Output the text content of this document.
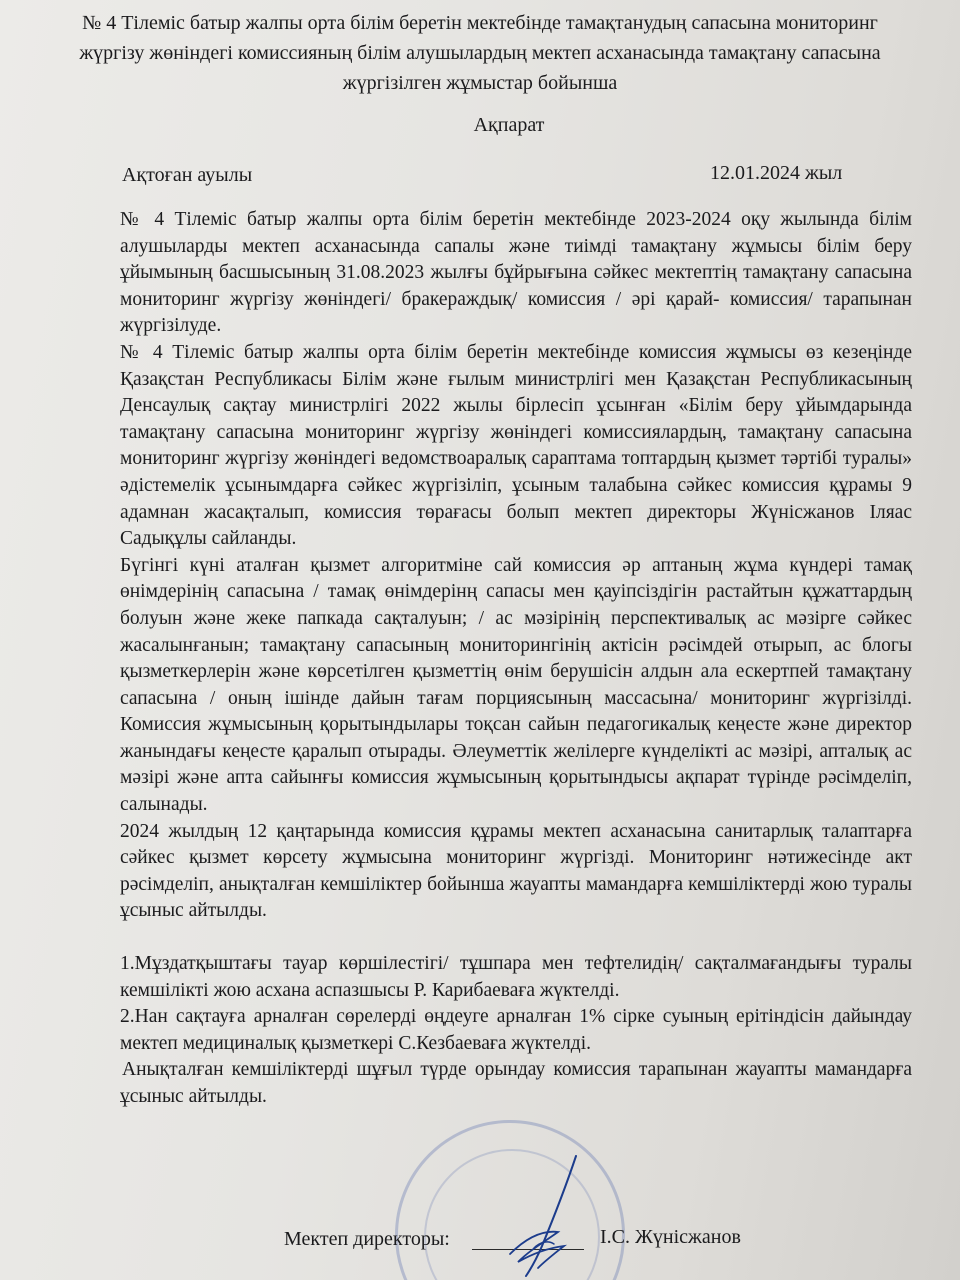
№ 4 Тілеміс батыр жалпы орта білім беретін мектебінде тамақтанудың сапасына мониторинг жүргізу жөніндегі комиссияның білім алушылардың мектеп асханасында тамақтану сапасына жүргізілген жұмыстар бойынша
Ақпарат
Ақтоған ауылы	12.01.2024 жыл

№ 4 Тілеміс батыр жалпы орта білім беретін мектебінде 2023-2024 оқу жылында білім алушыларды мектеп асханасында сапалы және тиімді тамақтану жұмысы білім беру ұйымының басшысының 31.08.2023 жылғы бұйрығына сәйкес мектептің тамақтану сапасына мониторинг жүргізу жөніндегі/ бракераждық/ комиссия / әрі қарай- комиссия/ тарапынан жүргізілуде.

№ 4 Тілеміс батыр жалпы орта білім беретін мектебінде комиссия жұмысы өз кезеңінде Қазақстан Республикасы Білім және ғылым министрлігі мен Қазақстан Республикасының Денсаулық сақтау министрлігі 2022 жылы бірлесіп ұсынған «Білім беру ұйымдарында тамақтану сапасына мониторинг жүргізу жөніндегі комиссиялардың, тамақтану сапасына мониторинг жүргізу жөніндегі ведомствоаралық сараптама топтардың қызмет тәртібі туралы» әдістемелік ұсынымдарға сәйкес жүргізіліп, ұсыным талабына сәйкес комиссия құрамы 9 адамнан жасақталып, комиссия төрағасы болып мектеп директоры Жүнісжанов Іляас Садықұлы сайланды.

Бүгінгі күні аталған қызмет алгоритміне сай комиссия әр аптаның жұма күндері тамақ өнімдерінің сапасына / тамақ өнімдерінң сапасы мен қауіпсіздігін растайтын құжаттардың болуын және жеке папкада сақталуын; / ас мәзірінің перспективалық ас мәзірге сәйкес жасалынғанын; тамақтану сапасының мониторингінің актісін рәсімдей отырып, ас блогы қызметкерлерін және көрсетілген қызметтің өнім берушісін алдын ала ескертпей тамақтану сапасына / оның ішінде дайын тағам порциясының массасына/ мониторинг жүргізілді. Комиссия жұмысының қорытындылары тоқсан сайын педагогикалық кеңесте және директор жанындағы кеңесте қаралып отырады. Әлеуметтік желілерге күнделікті ас мәзірі, апталық ас мәзірі және апта сайынғы комиссия жұмысының қорытындысы ақпарат түрінде рәсімделіп, салынады.

2024 жылдың 12 қаңтарында комиссия құрамы мектеп асханасына санитарлық талаптарға сәйкес қызмет көрсету жұмысына мониторинг жүргізді. Мониторинг нәтижесінде акт рәсімделіп, анықталған кемшіліктер бойынша жауапты мамандарға кемшіліктерді жою туралы ұсыныс айтылды.

1.Мұздатқыштағы тауар көршілестігі/ тұшпара мен тефтелидің/ сақталмағандығы туралы кемшілікті жою асхана аспазшысы Р. Карибаеваға жүктелді.

2.Нан сақтауға арналған сөрелерді өңдеуге арналған 1% сірке суының ерітіндісін дайындау мектеп медициналық қызметкері С.Кезбаеваға жүктелді.

Анықталған кемшіліктерді шұғыл түрде орындау комиссия тарапынан жауапты мамандарға ұсыныс айтылды.

Мектеп директоры:	І.С. Жүнісжанов
